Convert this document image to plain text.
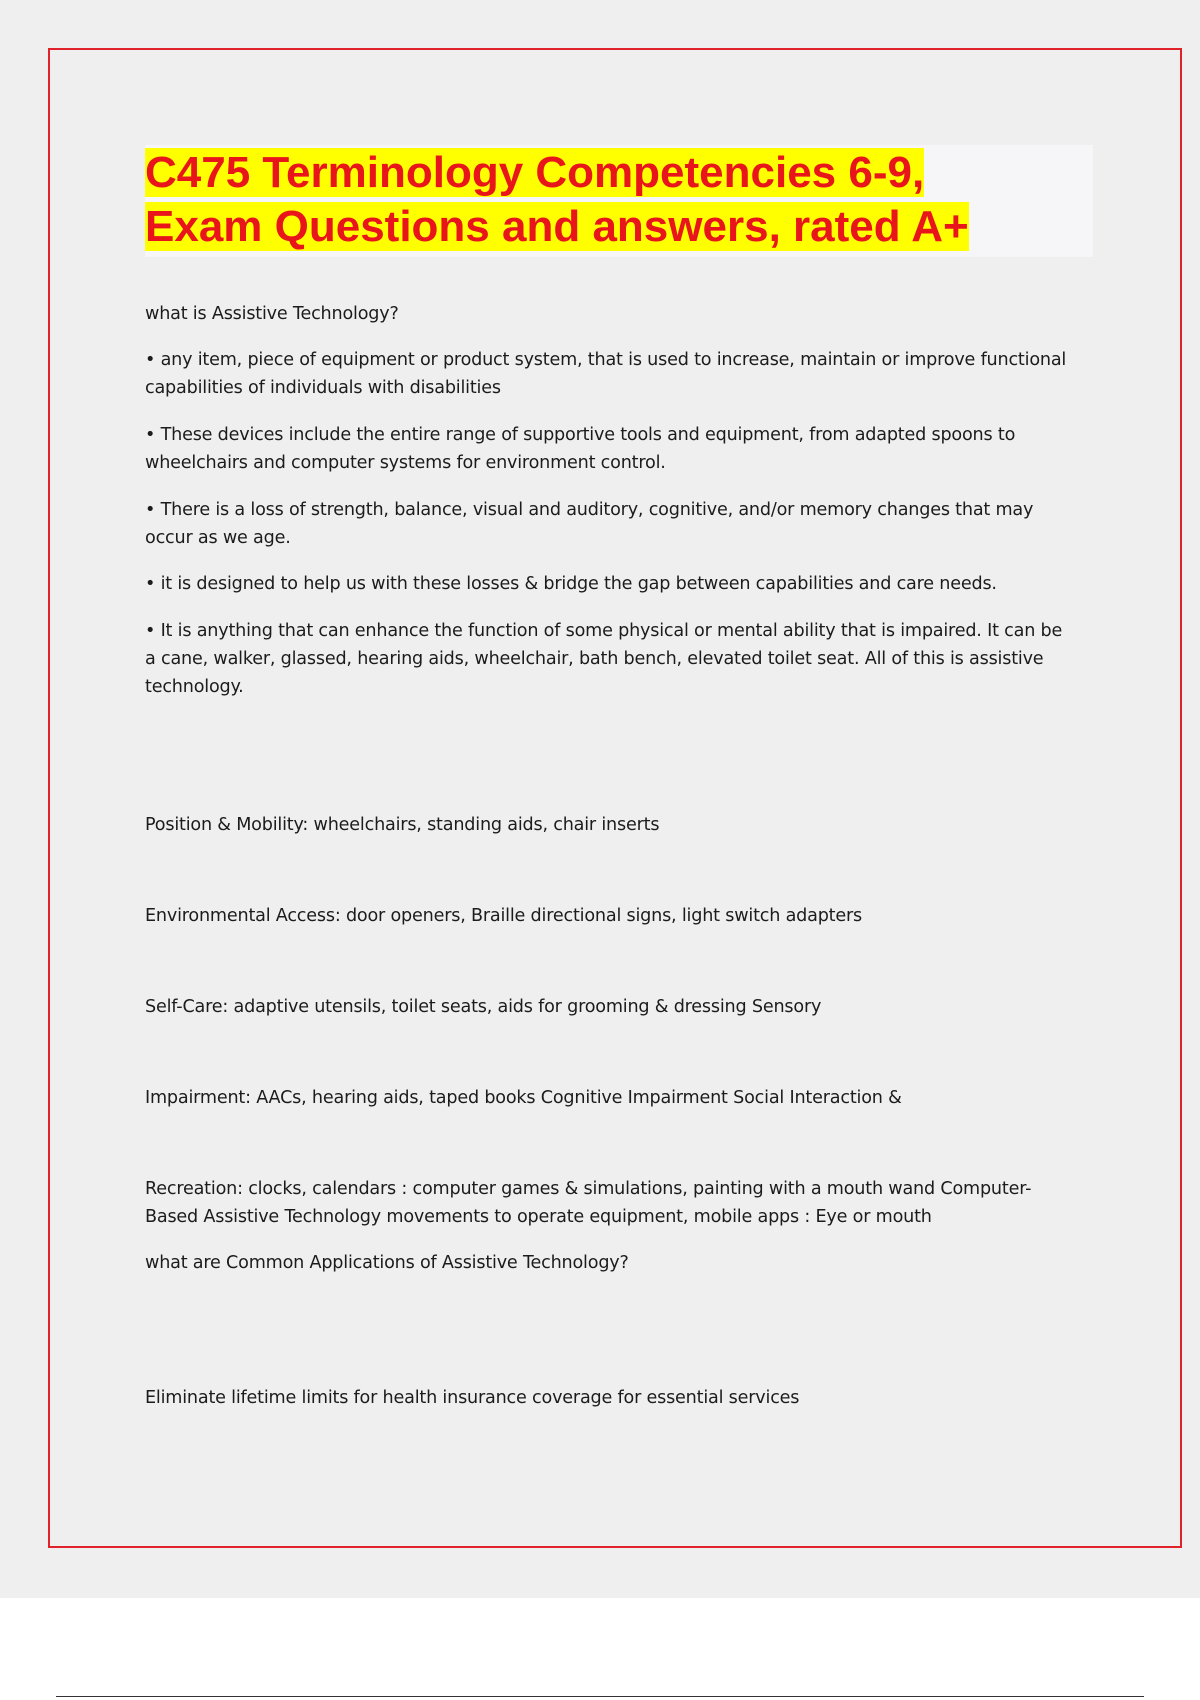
C475 Terminology Competencies 6-9,
Exam Questions and answers, rated A+

what is Assistive Technology?

• any item, piece of equipment or product system, that is used to increase, maintain or improve functional capabilities of individuals with disabilities

• These devices include the entire range of supportive tools and equipment, from adapted spoons to wheelchairs and computer systems for environment control.

• There is a loss of strength, balance, visual and auditory, cognitive, and/or memory changes that may occur as we age.

• it is designed to help us with these losses & bridge the gap between capabilities and care needs.

• It is anything that can enhance the function of some physical or mental ability that is impaired. It can be a cane, walker, glassed, hearing aids, wheelchair, bath bench, elevated toilet seat. All of this is assistive technology.

Position & Mobility: wheelchairs, standing aids, chair inserts

Environmental Access: door openers, Braille directional signs, light switch adapters

Self-Care: adaptive utensils, toilet seats, aids for grooming & dressing Sensory

Impairment: AACs, hearing aids, taped books Cognitive Impairment Social Interaction &

Recreation: clocks, calendars : computer games & simulations, painting with a mouth wand Computer-Based Assistive Technology movements to operate equipment, mobile apps : Eye or mouth

what are Common Applications of Assistive Technology?

Eliminate lifetime limits for health insurance coverage for essential services
